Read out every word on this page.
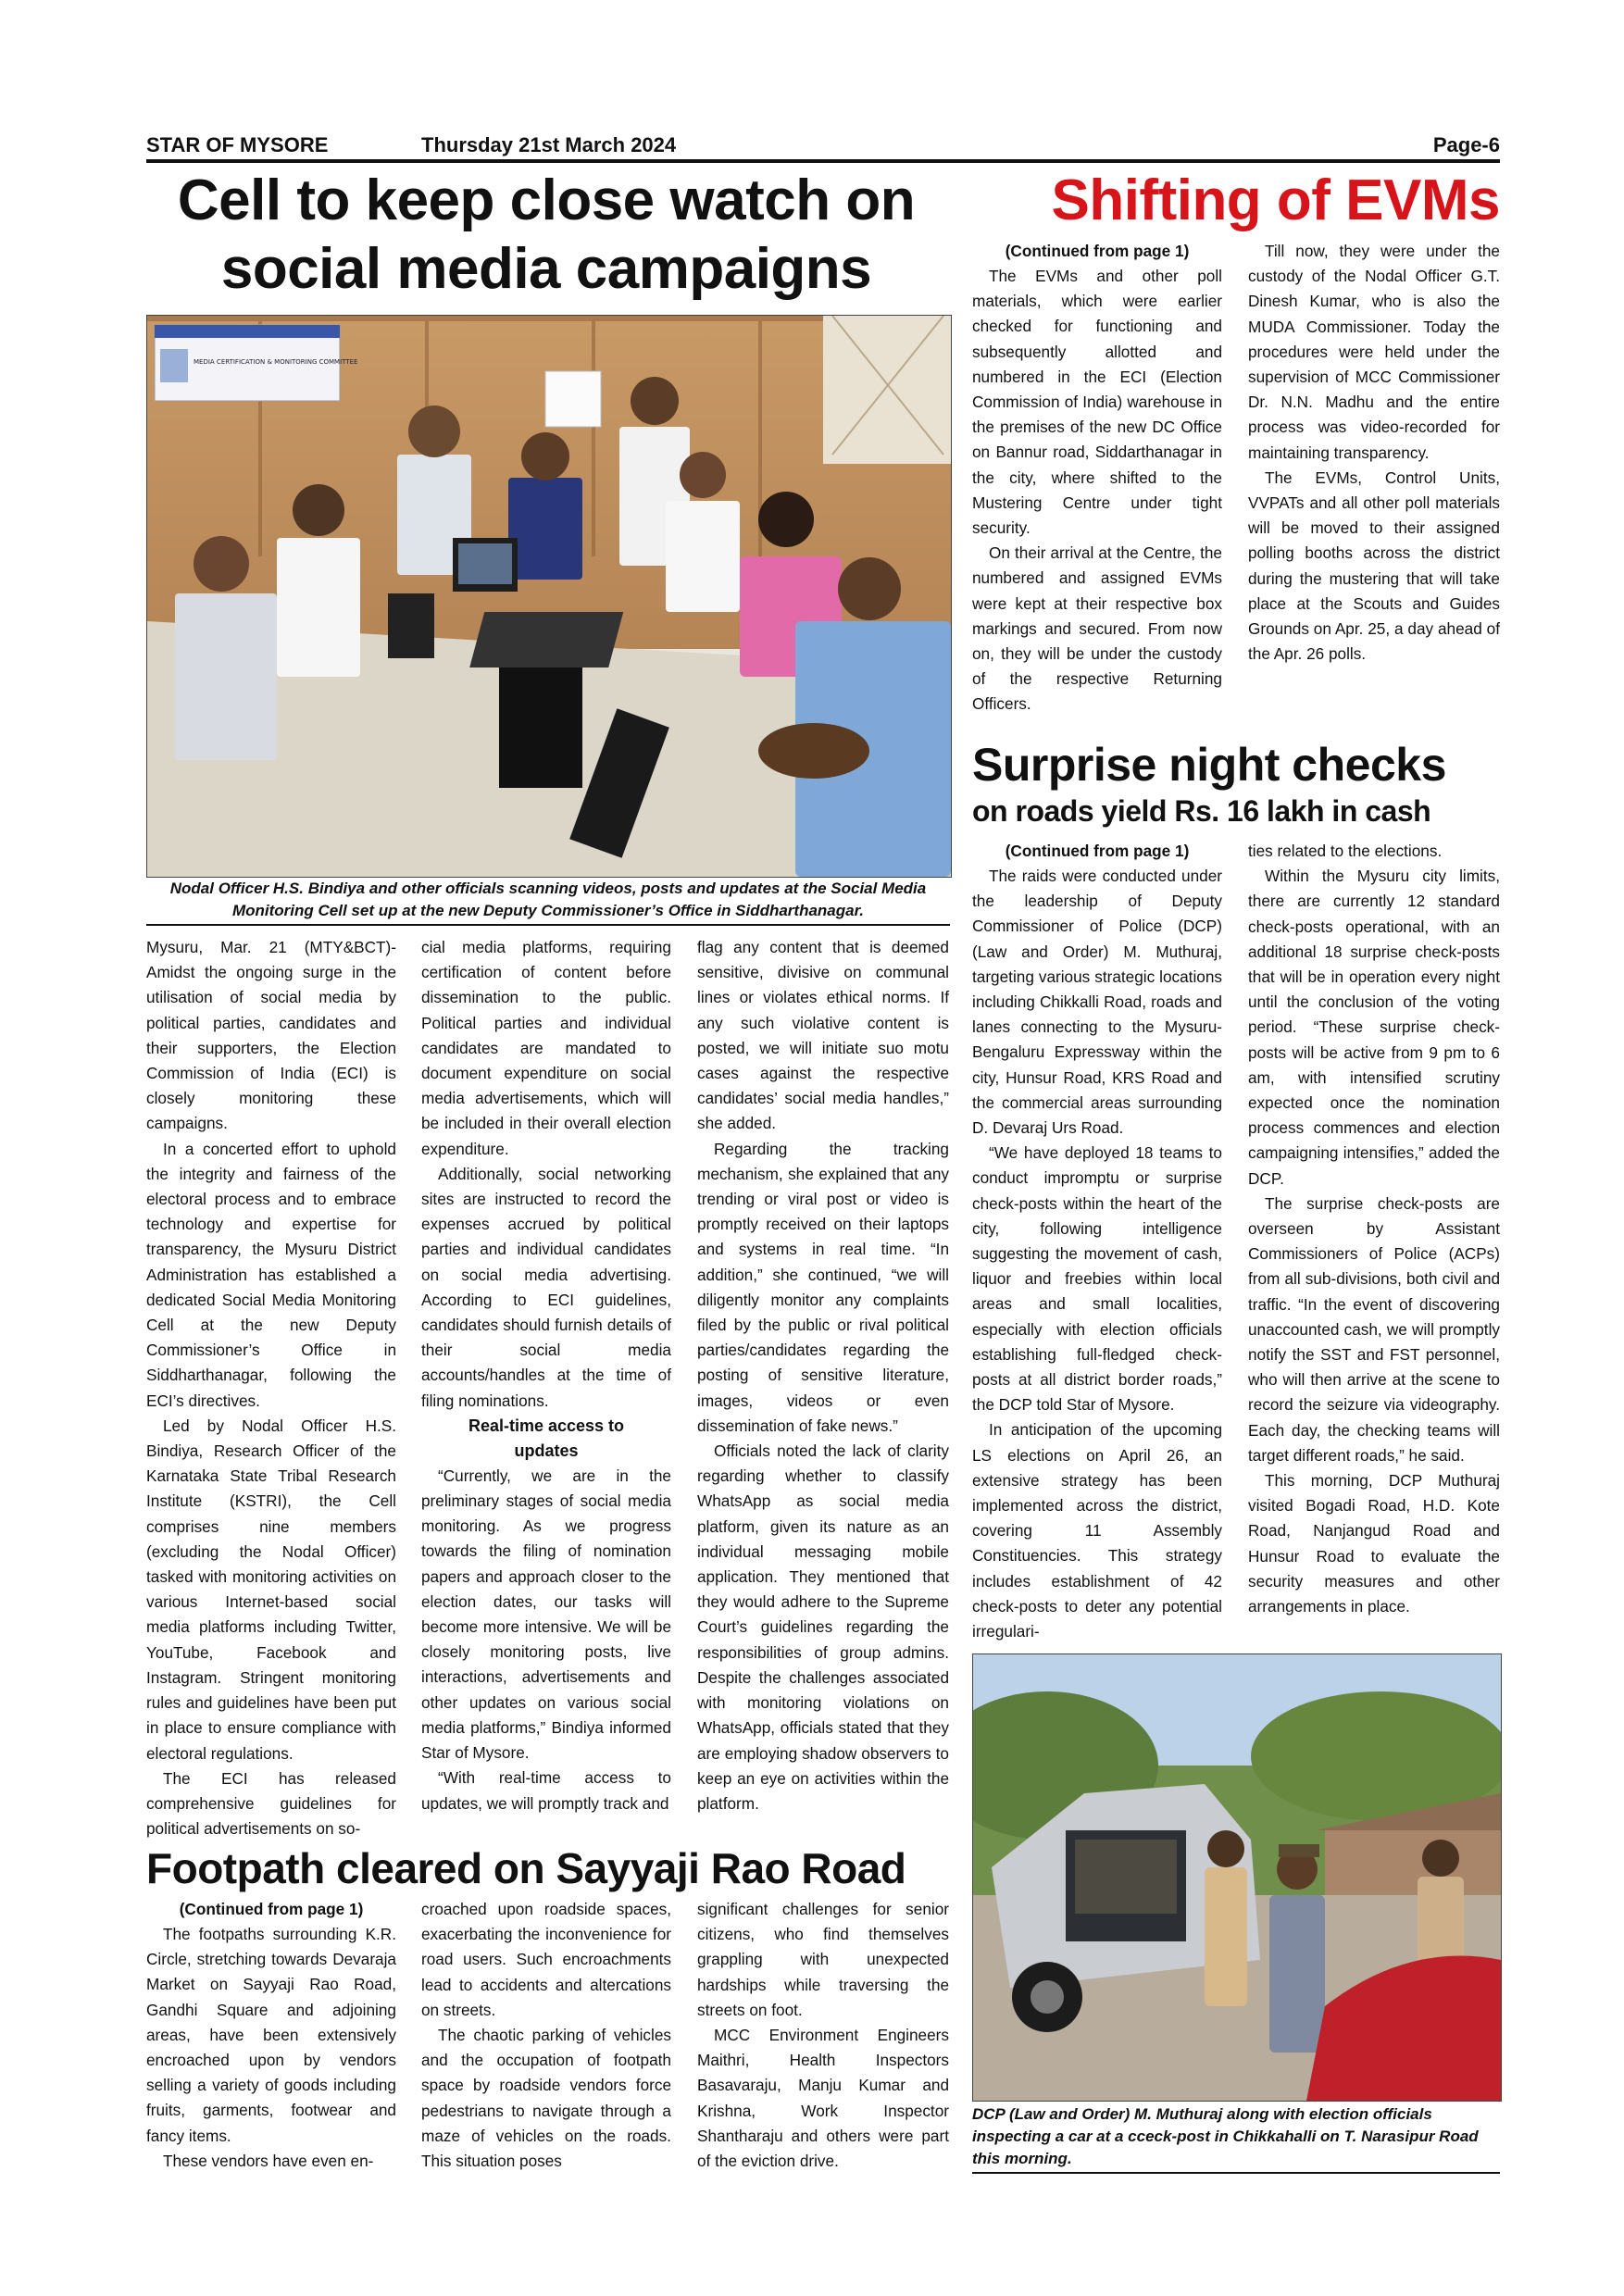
STAR OF MYSORE	Thursday 21st March 2024	Page-6
Cell to keep close watch on
social media campaigns
MEDIA CERTIFICATION & MONITORING COMMITTEE
Nodal Officer H.S. Bindiya and other officials scanning videos, posts and updates at the Social Media Monitoring Cell set up at the new Deputy Commissioner’s Office in Siddharthanagar.

Mysuru, Mar. 21 (MTY&BCT)- Amidst the ongoing surge in the utilisation of social media by political parties, candidates and their supporters, the Election Commission of India (ECI) is closely monitoring these campaigns.

In a concerted effort to uphold the integrity and fairness of the electoral process and to embrace technology and expertise for transparency, the Mysuru District Administration has established a dedicated Social Media Monitoring Cell at the new Deputy Commissioner’s Office in Siddharthanagar, following the ECI’s directives.

Led by Nodal Officer H.S. Bindiya, Research Officer of the Karnataka State Tribal Research Institute (KSTRI), the Cell comprises nine members (excluding the Nodal Officer) tasked with monitoring activities on various Internet-based social media platforms including Twitter, YouTube, Facebook and Instagram. Stringent monitoring rules and guidelines have been put in place to ensure compliance with electoral regulations.

The ECI has released comprehensive guidelines for political advertisements on so-

cial media platforms, requiring certification of content before dissemination to the public. Political parties and individual candidates are mandated to document expenditure on social media advertisements, which will be included in their overall election expenditure.

Additionally, social networking sites are instructed to record the expenses accrued by political parties and individual candidates on social media advertising. According to ECI guidelines, candidates should furnish details of their social media accounts/handles at the time of filing nominations.

Real-time access to updates

“Currently, we are in the preliminary stages of social media monitoring. As we progress towards the filing of nomination papers and approach closer to the election dates, our tasks will become more intensive. We will be closely monitoring posts, live interactions, advertisements and other updates on various social media platforms,” Bindiya informed Star of Mysore.

“With real-time access to updates, we will promptly track and

flag any content that is deemed sensitive, divisive on communal lines or violates ethical norms. If any such violative content is posted, we will initiate suo motu cases against the respective candidates’ social media handles,” she added.

Regarding the tracking mechanism, she explained that any trending or viral post or video is promptly received on their laptops and systems in real time. “In addition,” she continued, “we will diligently monitor any complaints filed by the public or rival political parties/candidates regarding the posting of sensitive literature, images, videos or even dissemination of fake news.”

Officials noted the lack of clarity regarding whether to classify WhatsApp as social media platform, given its nature as an individual messaging mobile application. They mentioned that they would adhere to the Supreme Court’s guidelines regarding the responsibilities of group admins. Despite the challenges associated with monitoring violations on WhatsApp, officials stated that they are employing shadow observers to keep an eye on activities within the platform.

Shifting of EVMs
(Continued from page 1)

The EVMs and other poll materials, which were earlier checked for functioning and subsequently allotted and numbered in the ECI (Election Commission of India) warehouse in the premises of the new DC Office on Bannur road, Siddarthanagar in the city, where shifted to the Mustering Centre under tight security.

On their arrival at the Centre, the numbered and assigned EVMs were kept at their respective box markings and secured. From now on, they will be under the custody of the respective Returning Officers.

Till now, they were under the custody of the Nodal Officer G.T. Dinesh Kumar, who is also the MUDA Commissioner. Today the procedures were held under the supervision of MCC Commissioner Dr. N.N. Madhu and the entire process was video-recorded for maintaining transparency.

The EVMs, Control Units, VVPATs and all other poll materials will be moved to their assigned polling booths across the district during the mustering that will take place at the Scouts and Guides Grounds on Apr. 25, a day ahead of the Apr. 26 polls.

Surprise night checks
on roads yield Rs. 16 lakh in cash
(Continued from page 1)

The raids were conducted under the leadership of Deputy Commissioner of Police (DCP) (Law and Order) M. Muthuraj, targeting various strategic locations including Chikkalli Road, roads and lanes connecting to the Mysuru-Bengaluru Expressway within the city, Hunsur Road, KRS Road and the commercial areas surrounding D. Devaraj Urs Road.

“We have deployed 18 teams to conduct impromptu or surprise check-posts within the heart of the city, following intelligence suggesting the movement of cash, liquor and freebies within local areas and small localities, especially with election officials establishing full-fledged check-posts at all district border roads,” the DCP told Star of Mysore.

In anticipation of the upcoming LS elections on April 26, an extensive strategy has been implemented across the district, covering 11 Assembly Constituencies. This strategy includes establishment of 42 check-posts to deter any potential irregulari-

ties related to the elections.

Within the Mysuru city limits, there are currently 12 standard check-posts operational, with an additional 18 surprise check-posts that will be in operation every night until the conclusion of the voting period. “These surprise check-posts will be active from 9 pm to 6 am, with intensified scrutiny expected once the nomination process commences and election campaigning intensifies,” added the DCP.

The surprise check-posts are overseen by Assistant Commissioners of Police (ACPs) from all sub-divisions, both civil and traffic. “In the event of discovering unaccounted cash, we will promptly notify the SST and FST personnel, who will then arrive at the scene to record the seizure via videography. Each day, the checking teams will target different roads,” he said.

This morning, DCP Muthuraj visited Bogadi Road, H.D. Kote Road, Nanjangud Road and Hunsur Road to evaluate the security measures and other arrangements in place.

DCP (Law and Order) M. Muthuraj along with election officials inspecting a car at a cceck-post in Chikkahalli on T. Narasipur Road this morning.
Footpath cleared on Sayyaji Rao Road
(Continued from page 1)

The footpaths surrounding K.R. Circle, stretching towards Devaraja Market on Sayyaji Rao Road, Gandhi Square and adjoining areas, have been extensively encroached upon by vendors selling a variety of goods including fruits, garments, footwear and fancy items.

These vendors have even en-

croached upon roadside spaces, exacerbating the inconvenience for road users. Such encroachments lead to accidents and altercations on streets.

The chaotic parking of vehicles and the occupation of footpath space by roadside vendors force pedestrians to navigate through a maze of vehicles on the roads. This situation poses

significant challenges for senior citizens, who find themselves grappling with unexpected hardships while traversing the streets on foot.

MCC Environment Engineers Maithri, Health Inspectors Basavaraju, Manju Kumar and Krishna, Work Inspector Shantharaju and others were part of the eviction drive.
